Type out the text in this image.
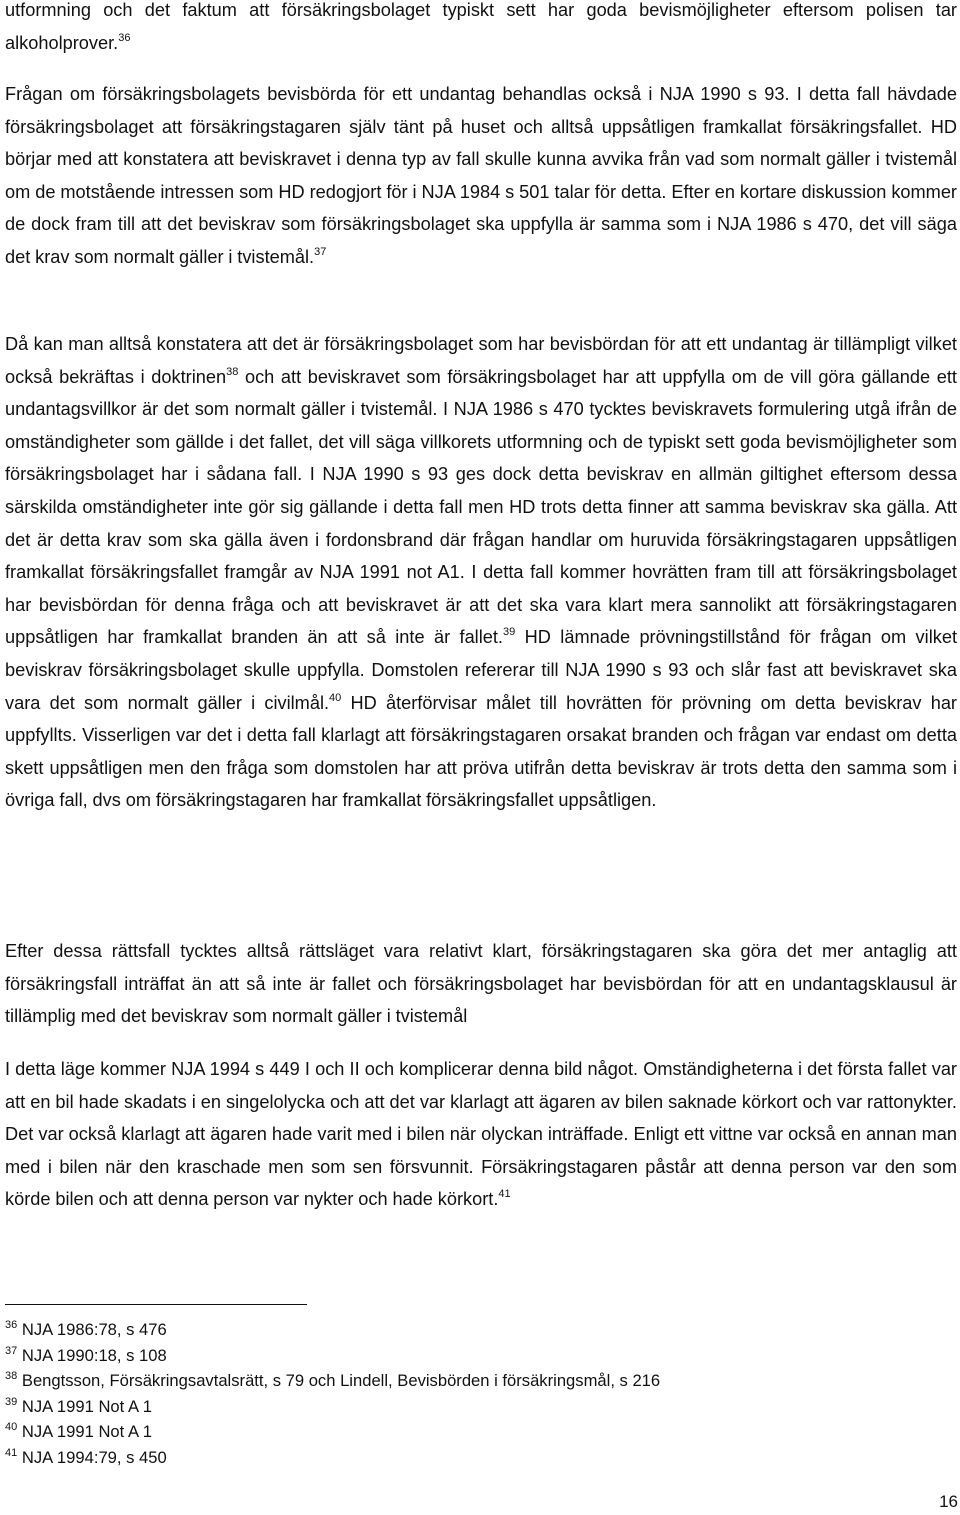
utformning och det faktum att försäkringsbolaget typiskt sett har goda bevismöjligheter eftersom polisen tar alkoholprover.$^{36}$

Frågan om försäkringsbolagets bevisbörda för ett undantag behandlas också i NJA 1990 s 93. I detta fall hävdade försäkringsbolaget att försäkringstagaren själv tänt på huset och alltså uppsåtligen framkallat försäkringsfallet. HD börjar med att konstatera att beviskravet i denna typ av fall skulle kunna avvika från vad som normalt gäller i tvistemål om de motstående intressen som HD redogjort för i NJA 1984 s 501 talar för detta. Efter en kortare diskussion kommer de dock fram till att det beviskrav som försäkringsbolaget ska uppfylla är samma som i NJA 1986 s 470, det vill säga det krav som normalt gäller i tvistemål.$^{37}$

Då kan man alltså konstatera att det är försäkringsbolaget som har bevisbördan för att ett undantag är tillämpligt vilket också bekräftas i doktrinen$^{38}$ och att beviskravet som försäkringsbolaget har att uppfylla om de vill göra gällande ett undantagsvillkor är det som normalt gäller i tvistemål. I NJA 1986 s 470 tycktes beviskravets formulering utgå ifrån de omständigheter som gällde i det fallet, det vill säga villkorets utformning och de typiskt sett goda bevismöjligheter som försäkringsbolaget har i sådana fall. I NJA 1990 s 93 ges dock detta beviskrav en allmän giltighet eftersom dessa särskilda omständigheter inte gör sig gällande i detta fall men HD trots detta finner att samma beviskrav ska gälla. Att det är detta krav som ska gälla även i fordonsbrand där frågan handlar om huruvida försäkringstagaren uppsåtligen framkallat försäkringsfallet framgår av NJA 1991 not A1. I detta fall kommer hovrätten fram till att försäkringsbolaget har bevisbördan för denna fråga och att beviskravet är att det ska vara klart mera sannolikt att försäkringstagaren uppsåtligen har framkallat branden än att så inte är fallet.$^{39}$ HD lämnade prövningstillstånd för frågan om vilket beviskrav försäkringsbolaget skulle uppfylla. Domstolen refererar till NJA 1990 s 93 och slår fast att beviskravet ska vara det som normalt gäller i civilmål.$^{40}$ HD återförvisar målet till hovrätten för prövning om detta beviskrav har uppfyllts. Visserligen var det i detta fall klarlagt att försäkringstagaren orsakat branden och frågan var endast om detta skett uppsåtligen men den fråga som domstolen har att pröva utifrån detta beviskrav är trots detta den samma som i övriga fall, dvs om försäkringstagaren har framkallat försäkringsfallet uppsåtligen.

Efter dessa rättsfall tycktes alltså rättsläget vara relativt klart, försäkringstagaren ska göra det mer antaglig att försäkringsfall inträffat än att så inte är fallet och försäkringsbolaget har bevisbördan för att en undantagsklausul är tillämplig med det beviskrav som normalt gäller i tvistemål

I detta läge kommer NJA 1994 s 449 I och II och komplicerar denna bild något. Omständigheterna i det första fallet var att en bil hade skadats i en singelolycka och att det var klarlagt att ägaren av bilen saknade körkort och var rattonykter. Det var också klarlagt att ägaren hade varit med i bilen när olyckan inträffade. Enligt ett vittne var också en annan man med i bilen när den kraschade men som sen försvunnit. Försäkringstagaren påstår att denna person var den som körde bilen och att denna person var nykter och hade körkort.$^{41}$

$^{36}$ NJA 1986:78, s 476

$^{37}$ NJA 1990:18, s 108

$^{38}$ Bengtsson, Försäkringsavtalsrätt, s 79 och Lindell, Bevisbörden i försäkringsmål, s 216

$^{39}$ NJA 1991 Not A 1

$^{40}$ NJA 1991 Not A 1

$^{41}$ NJA 1994:79, s 450

16
